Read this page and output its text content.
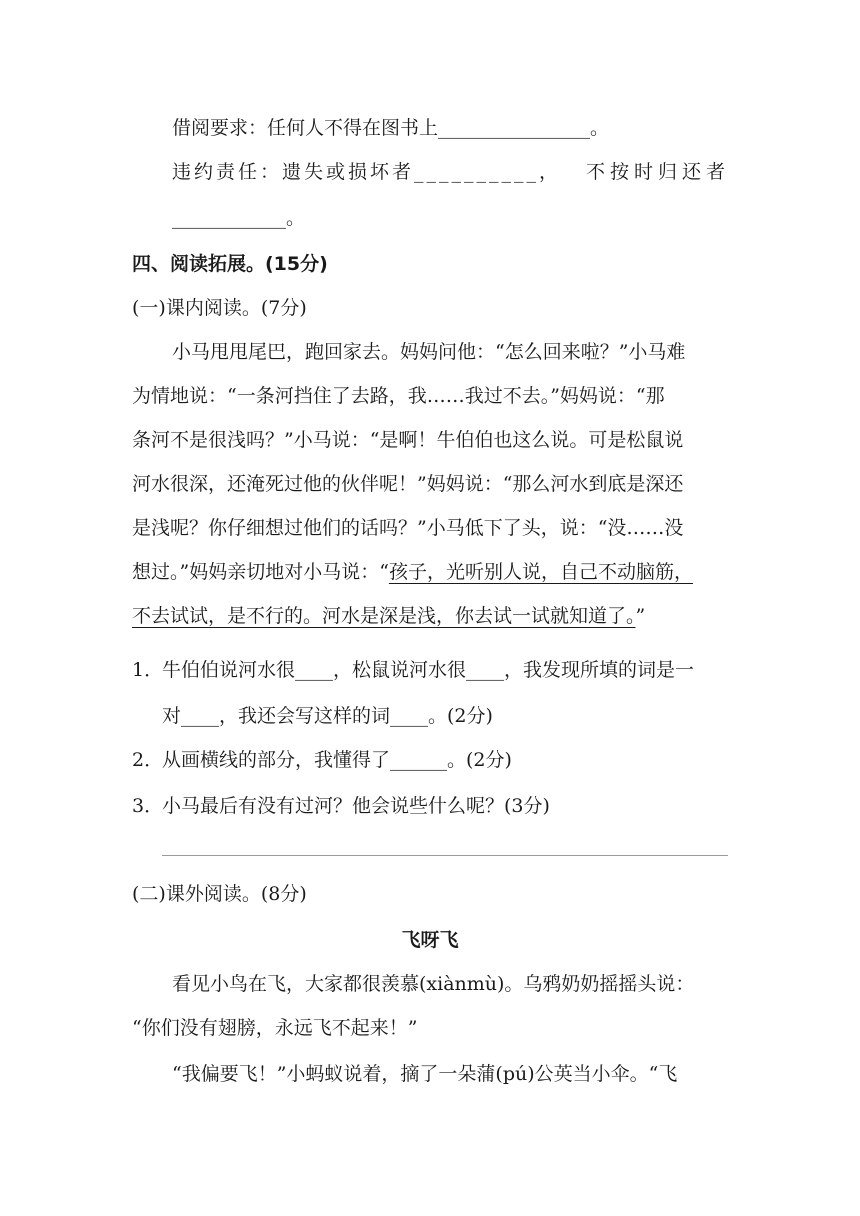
借阅要求：任何人不得在图书上________________。
违约责任：遗失或损坏者__________， 不按时归还者
____________。
四、阅读拓展。(15分)
(一)课内阅读。(7分)
小马甩甩尾巴，跑回家去。妈妈问他：“怎么回来啦？”小马难
为情地说：“一条河挡住了去路，我……我过不去。”妈妈说：“那
条河不是很浅吗？”小马说：“是啊！牛伯伯也这么说。可是松鼠说
河水很深，还淹死过他的伙伴呢！”妈妈说：“那么河水到底是深还
是浅呢？你仔细想过他们的话吗？”小马低下了头，说：“没……没
想过。”妈妈亲切地对小马说：“孩子，光听别人说，自己不动脑筋，
不去试试，是不行的。河水是深是浅，你去试一试就知道了。”
1．牛伯伯说河水很____，松鼠说河水很____，我发现所填的词是一
对____，我还会写这样的词____。(2分)
2．从画横线的部分，我懂得了______。(2分)
3．小马最后有没有过河？他会说些什么呢？(3分)
(二)课外阅读。(8分)
飞呀飞
看见小鸟在飞，大家都很羡慕(xiànmù)。乌鸦奶奶摇摇头说：
“你们没有翅膀，永远飞不起来！”
“我偏要飞！”小蚂蚁说着，摘了一朵蒲(pú)公英当小伞。“飞
